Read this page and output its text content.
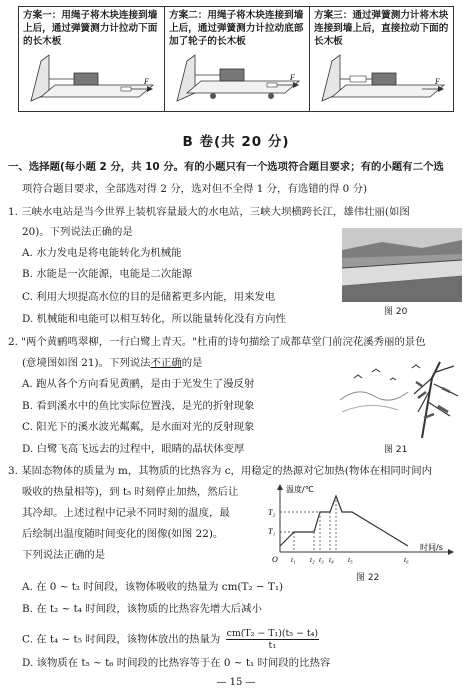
方案一：用绳子将木块连接到墙上后，通过弹簧测力计拉动下面的长木板
F
方案二：用绳子将木块连接到墙上后，通过弹簧测力计拉动底部加了轮子的长木板
F
方案三：通过弹簧测力计将木块连接到墙上后，直接拉动下面的长木板
F
B 卷(共 20 分)
一、选择题(每小题 2 分，共 10 分。有的小题只有一个选项符合题目要求；有的小题有二个选
项符合题目要求，全部选对得 2 分，选对但不全得 1 分，有选错的得 0 分)
1. 三峡水电站是当今世界上装机容量最大的水电站，三峡大坝横跨长江，雄伟壮丽(如图
20)。下列说法正确的是
A. 水力发电是将电能转化为机械能
B. 水能是一次能源，电能是二次能源
C. 利用大坝提高水位的目的是储蓄更多内能，用来发电
D. 机械能和电能可以相互转化，所以能量转化没有方向性
图 20
2. "两个黄鹂鸣翠柳，一行白鹭上青天。"杜甫的诗句描绘了成都草堂门前浣花溪秀丽的景色
(意境图如图 21)。下列说法不正确的是
A. 跑从各个方向看见黄鹂，是由于光发生了漫反射
B. 看到溪水中的鱼比实际位置浅，是光的折射现象
C. 阳光下的溪水波光粼粼，是水面对光的反射现象
D. 白鹭飞高飞远去的过程中，眼睛的晶状体变厚	图 21
3. 某固态物体的质量为 m，其物质的比热容为 c，用稳定的热源对它加热(物体在相同时间内
吸收的热量相等)，到 t₅ 时刻停止加热，然后让
其冷却。上述过程中记录不同时刻的温度，最
后绘制出温度随时间变化的图像(如图 22)。
下列说法正确的是
温度/℃
时间/s
O
T₂
T₁
t₁ t₂ t₃ t₄ t₅	t₆
图 22
A. 在 0 ~ t₂ 时间段，该物体吸收的热量为 cm(T₂ − T₁)
B. 在 t₂ ~ t₄ 时间段，该物质的比热容先增大后减小
C. 在 t₄ ~ t₅ 时间段，该物体放出的热量为 $\frac{\text{cm(T₂ − T₁)(t₅ − t₄)}}{\text{t₁}}$
D. 该物质在 t₅ ~ t₆ 时间段的比热容等于在 0 ~ t₁ 时间段的比热容
— 15 —
